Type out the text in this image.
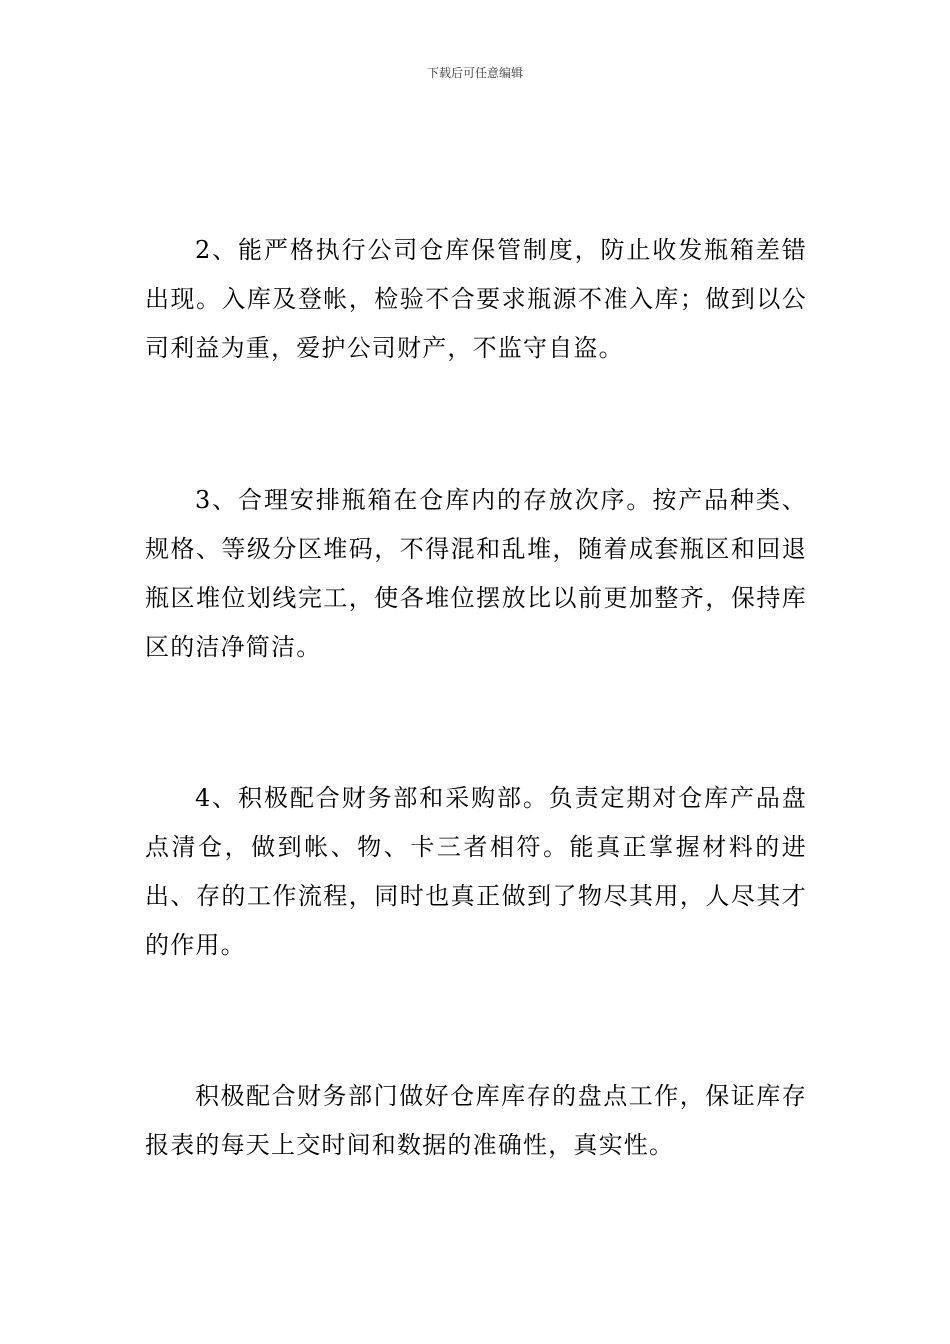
下载后可任意编辑

2、能严格执行公司仓库保管制度，防止收发瓶箱差错出现。入库及登帐，检验不合要求瓶源不准入库；做到以公司利益为重，爱护公司财产，不监守自盗。

3、合理安排瓶箱在仓库内的存放次序。按产品种类、规格、等级分区堆码，不得混和乱堆，随着成套瓶区和回退瓶区堆位划线完工，使各堆位摆放比以前更加整齐，保持库区的洁净简洁。

4、积极配合财务部和采购部。负责定期对仓库产品盘点清仓，做到帐、物、卡三者相符。能真正掌握材料的进出、存的工作流程，同时也真正做到了物尽其用，人尽其才的作用。

积极配合财务部门做好仓库库存的盘点工作，保证库存报表的每天上交时间和数据的准确性，真实性。
